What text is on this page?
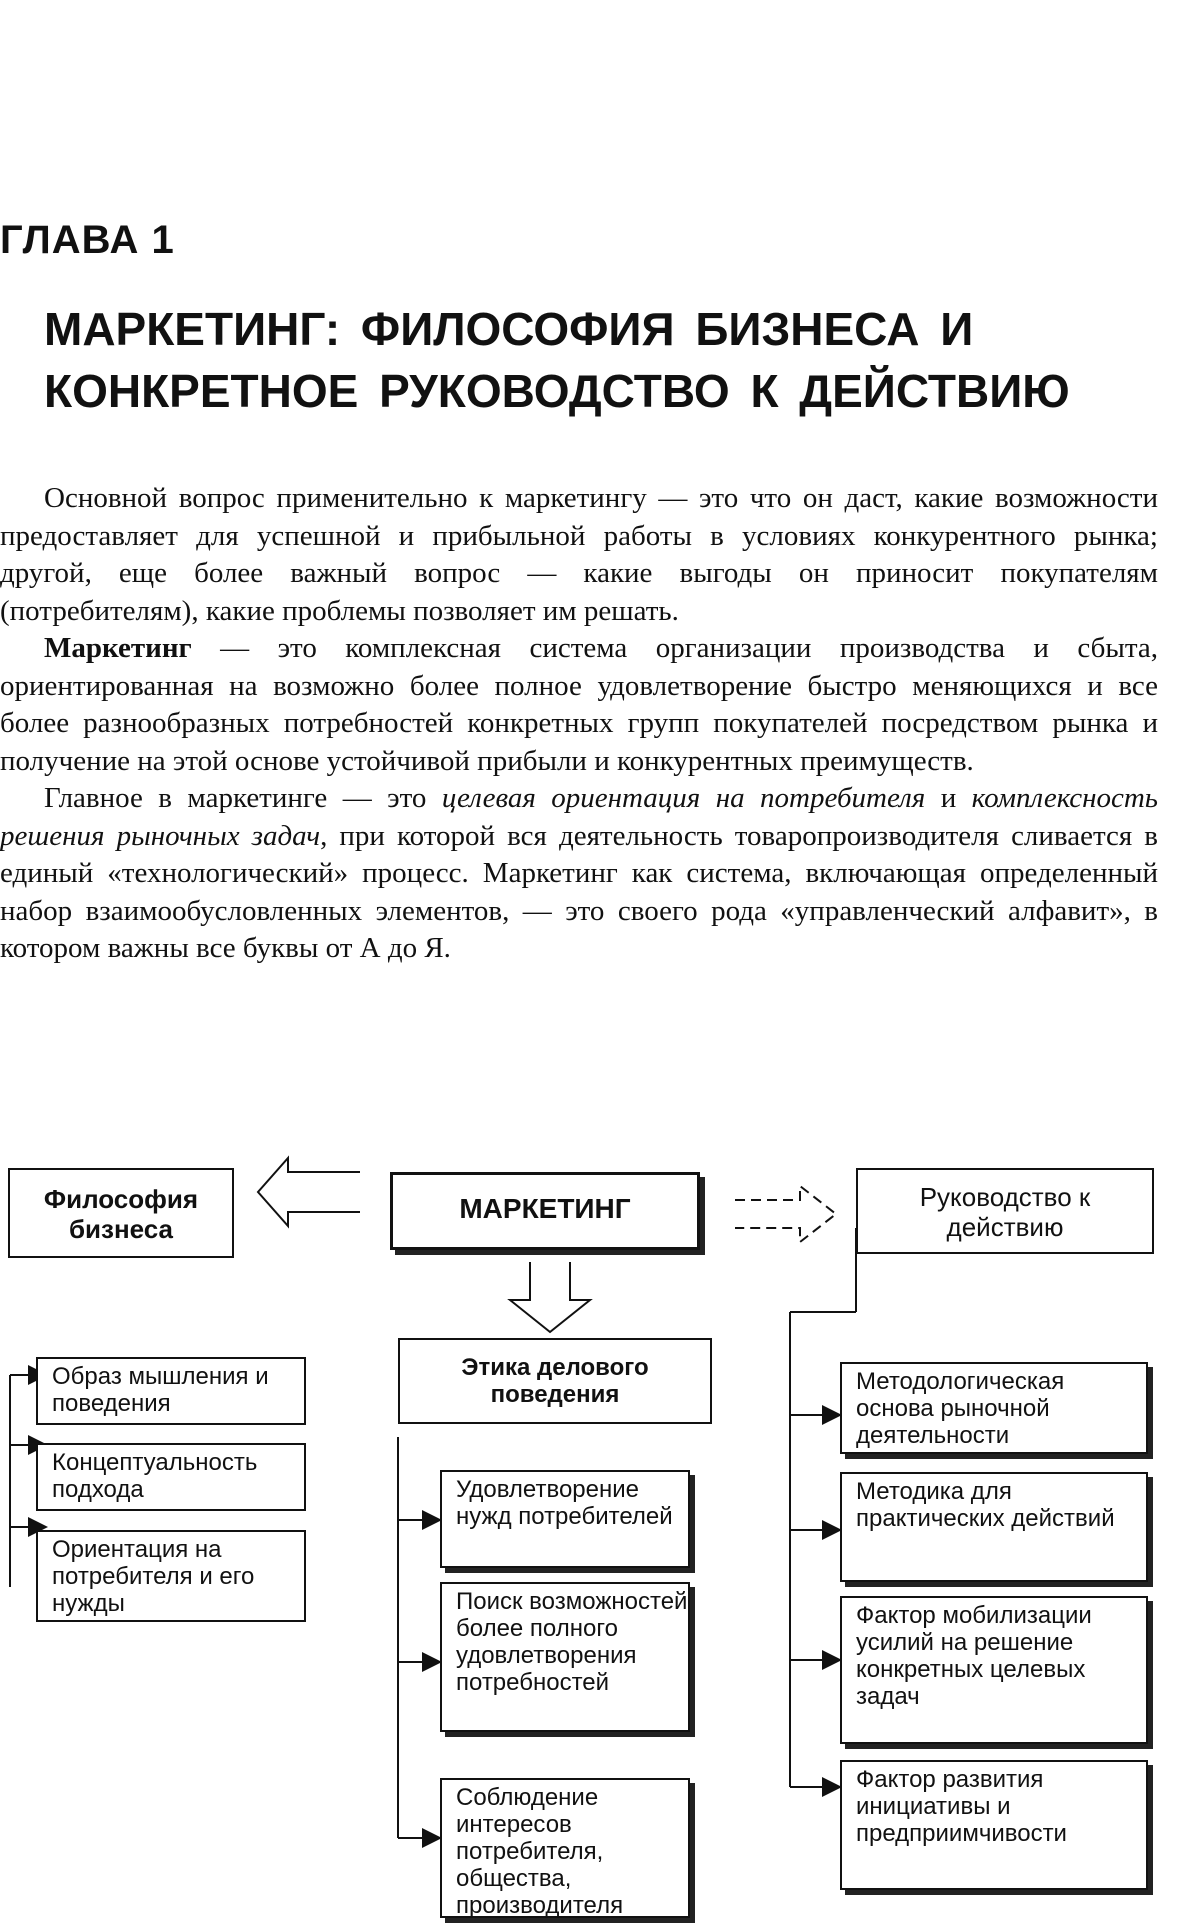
ГЛАВА 1
МАРКЕТИНГ: ФИЛОСОФИЯ БИЗНЕСА И
КОНКРЕТНОЕ РУКОВОДСТВО К ДЕЙСТВИЮ

Основной вопрос применительно к маркетингу — это что он даст, какие возможности предоставляет для успешной и прибыльной работы в условиях конкурентного рынка; другой, еще более важный вопрос — какие выгоды он приносит покупателям (потребителям), какие проблемы позволяет им решать.

Маркетинг — это комплексная система организации производства и сбыта, ориентированная на возможно более полное удовлетворение быстро меняющихся и все более разнообразных потребностей конкретных групп покупателей посредством рынка и получение на этой основе устойчивой прибыли и конкурентных преимуществ.

Главное в маркетинге — это целевая ориентация на потребителя и комплексность решения рыночных задач, при которой вся деятельность товаропроизводителя сливается в единый «технологический» процесс. Маркетинг как система, включающая определенный набор взаимообусловленных элементов, — это своего рода «управленческий алфавит», в котором важны все буквы от А до Я.

Философия бизнеса
МАРКЕТИНГ	Руководство к действию
Образ мышления и поведения
Концептуальность подхода
Ориентация на потребителя и его нужды
Этика делового поведения
Удовлетворение нужд потребителей
Поиск возможностей более полного удовлетворения потребностей
Соблюдение интересов потребителя, общества, производителя
Методологическая основа рыночной деятельности
Методика для практических действий
Фактор мобилизации усилий на решение конкретных целевых задач
Фактор развития инициативы и предприимчивости
